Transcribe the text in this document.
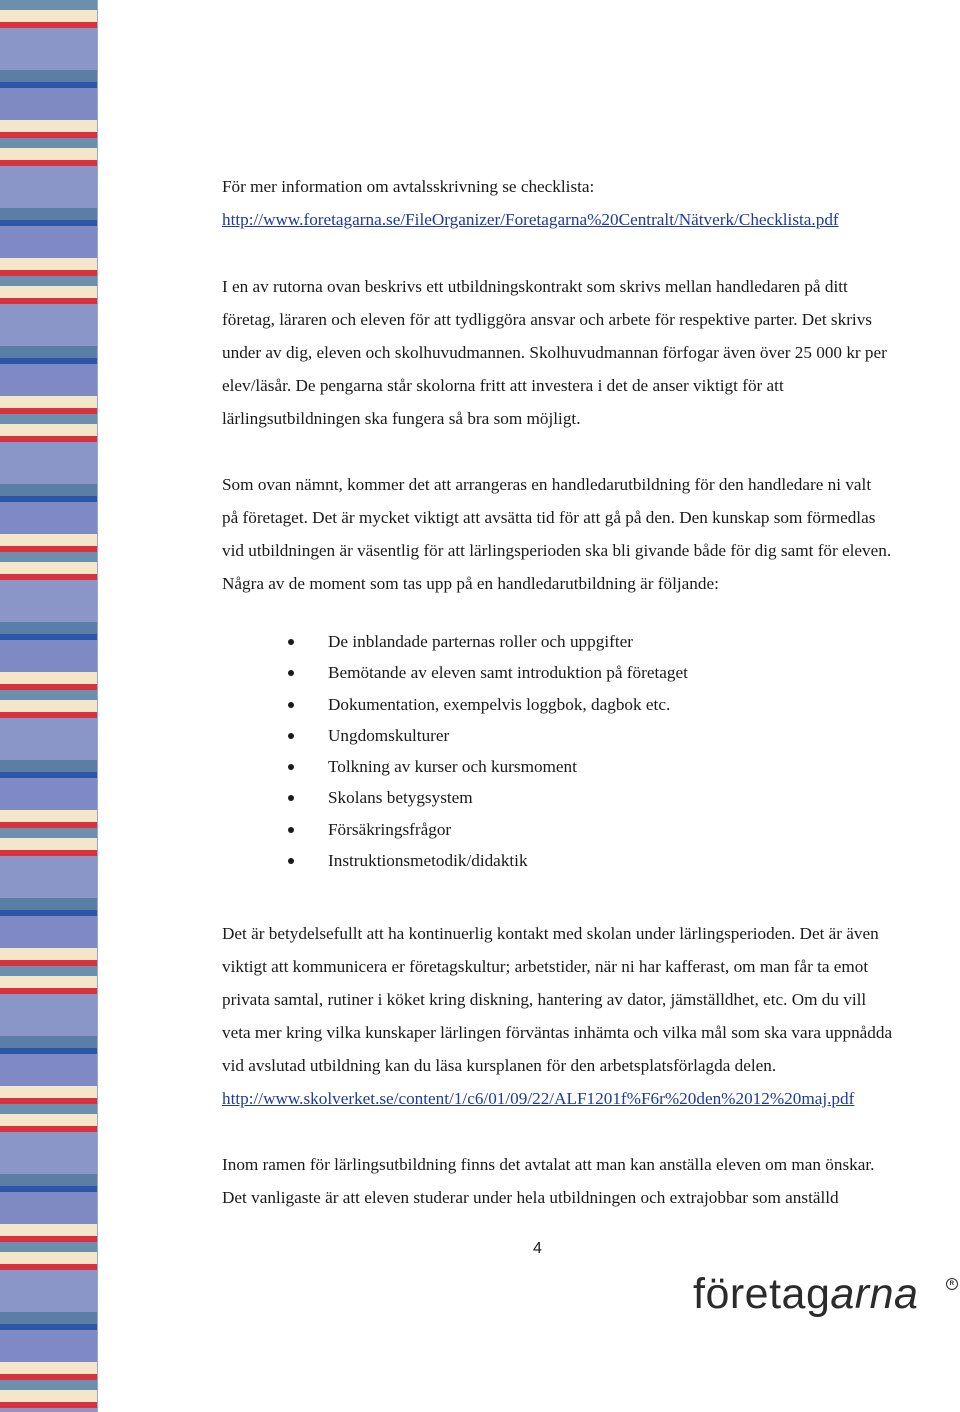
För mer information om avtalsskrivning se checklista:

http://www.foretagarna.se/FileOrganizer/Foretagarna%20Centralt/Nätverk/Checklista.pdf

I en av rutorna ovan beskrivs ett utbildningskontrakt som skrivs mellan handledaren på ditt

företag, läraren och eleven för att tydliggöra ansvar och arbete för respektive parter. Det skrivs

under av dig, eleven och skolhuvudmannen. Skolhuvudmannan förfogar även över 25 000 kr per

elev/läsår. De pengarna står skolorna fritt att investera i det de anser viktigt för att

lärlingsutbildningen ska fungera så bra som möjligt.

Som ovan nämnt, kommer det att arrangeras en handledarutbildning för den handledare ni valt

på företaget. Det är mycket viktigt att avsätta tid för att gå på den. Den kunskap som förmedlas

vid utbildningen är väsentlig för att lärlingsperioden ska bli givande både för dig samt för eleven.

Några av de moment som tas upp på en handledarutbildning är följande:

De inblandade parternas roller och uppgifter
Bemötande av eleven samt introduktion på företaget
Dokumentation, exempelvis loggbok, dagbok etc.
Ungdomskulturer
Tolkning av kurser och kursmoment
Skolans betygsystem
Försäkringsfrågor
Instruktionsmetodik/didaktik

Det är betydelsefullt att ha kontinuerlig kontakt med skolan under lärlingsperioden. Det är även

viktigt att kommunicera er företagskultur; arbetstider, när ni har kafferast, om man får ta emot

privata samtal, rutiner i köket kring diskning, hantering av dator, jämställdhet, etc. Om du vill

veta mer kring vilka kunskaper lärlingen förväntas inhämta och vilka mål som ska vara uppnådda

vid avslutad utbildning kan du läsa kursplanen för den arbetsplatsförlagda delen.

http://www.skolverket.se/content/1/c6/01/09/22/ALF1201f%F6r%20den%2012%20maj.pdf

Inom ramen för lärlingsutbildning finns det avtalat att man kan anställa eleven om man önskar.

Det vanligaste är att eleven studerar under hela utbildningen och extrajobbar som anställd

4
företagarna	R
